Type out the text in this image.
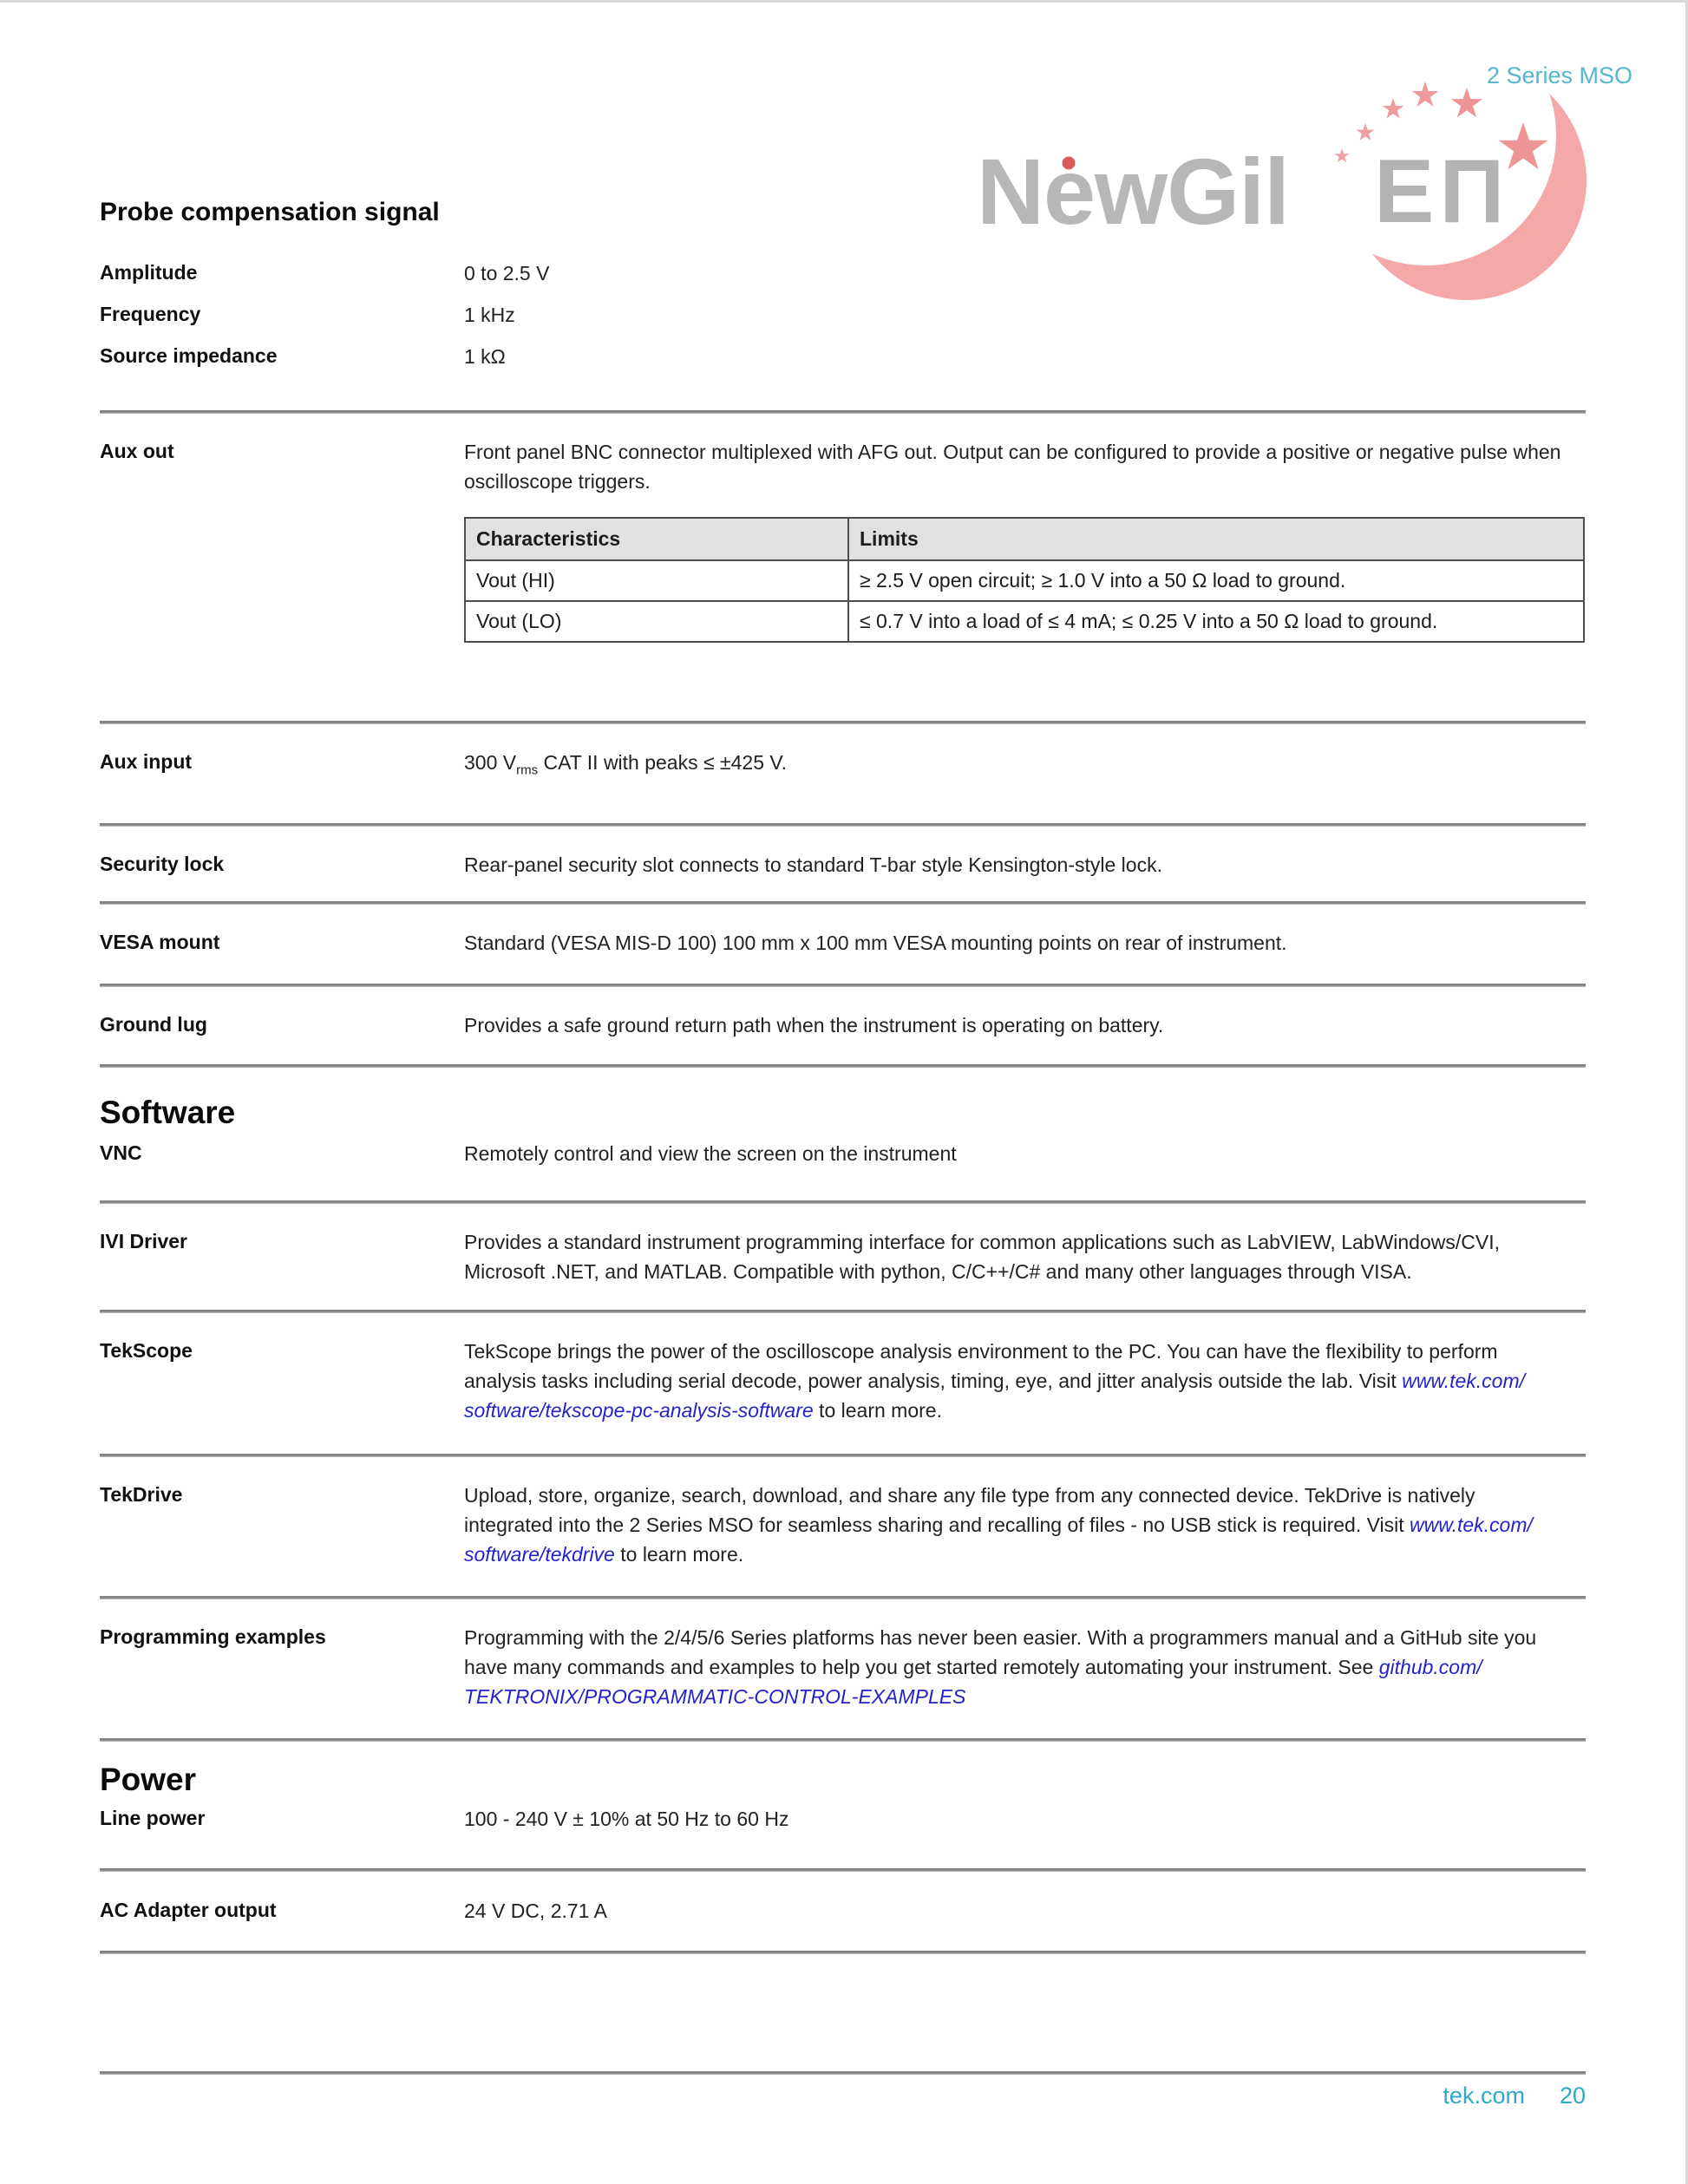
NewGil EΠ
2 Series MSO
Probe compensation signal
Amplitude	0 to 2.5 V
Frequency	1 kHz
Source impedance	1 kΩ
Aux out	Front panel BNC connector multiplexed with AFG out. Output can be configured to provide a positive or negative pulse when oscilloscope triggers.
Characteristics	Limits
Vout (HI)	≥ 2.5 V open circuit; ≥ 1.0 V into a 50 Ω load to ground.
Vout (LO)	≤ 0.7 V into a load of ≤ 4 mA; ≤ 0.25 V into a 50 Ω load to ground.
Aux input	300 $V_{rms}$ CAT II with peaks ≤ ±425 V.
Security lock	Rear-panel security slot connects to standard T-bar style Kensington-style lock.
VESA mount	Standard (VESA MIS-D 100) 100 mm x 100 mm VESA mounting points on rear of instrument.
Ground lug	Provides a safe ground return path when the instrument is operating on battery.
Software
VNC	Remotely control and view the screen on the instrument
IVI Driver	Provides a standard instrument programming interface for common applications such as LabVIEW, LabWindows/CVI, Microsoft .NET, and MATLAB. Compatible with python, C/C++/C# and many other languages through VISA.
TekScope	TekScope brings the power of the oscilloscope analysis environment to the PC. You can have the flexibility to perform analysis tasks including serial decode, power analysis, timing, eye, and jitter analysis outside the lab. Visit www.tek.com/software/tekscope-pc-analysis-software to learn more.
TekDrive	Upload, store, organize, search, download, and share any file type from any connected device. TekDrive is natively integrated into the 2 Series MSO for seamless sharing and recalling of files - no USB stick is required. Visit www.tek.com/software/tekdrive to learn more.
Programming examples	Programming with the 2/4/5/6 Series platforms has never been easier. With a programmers manual and a GitHub site you have many commands and examples to help you get started remotely automating your instrument. See github.com/TEKTRONIX/PROGRAMMATIC-CONTROL-EXAMPLES
Power
Line power	100 - 240 V ± 10% at 50 Hz to 60 Hz
AC Adapter output	24 V DC, 2.71 A
tek.com 20
